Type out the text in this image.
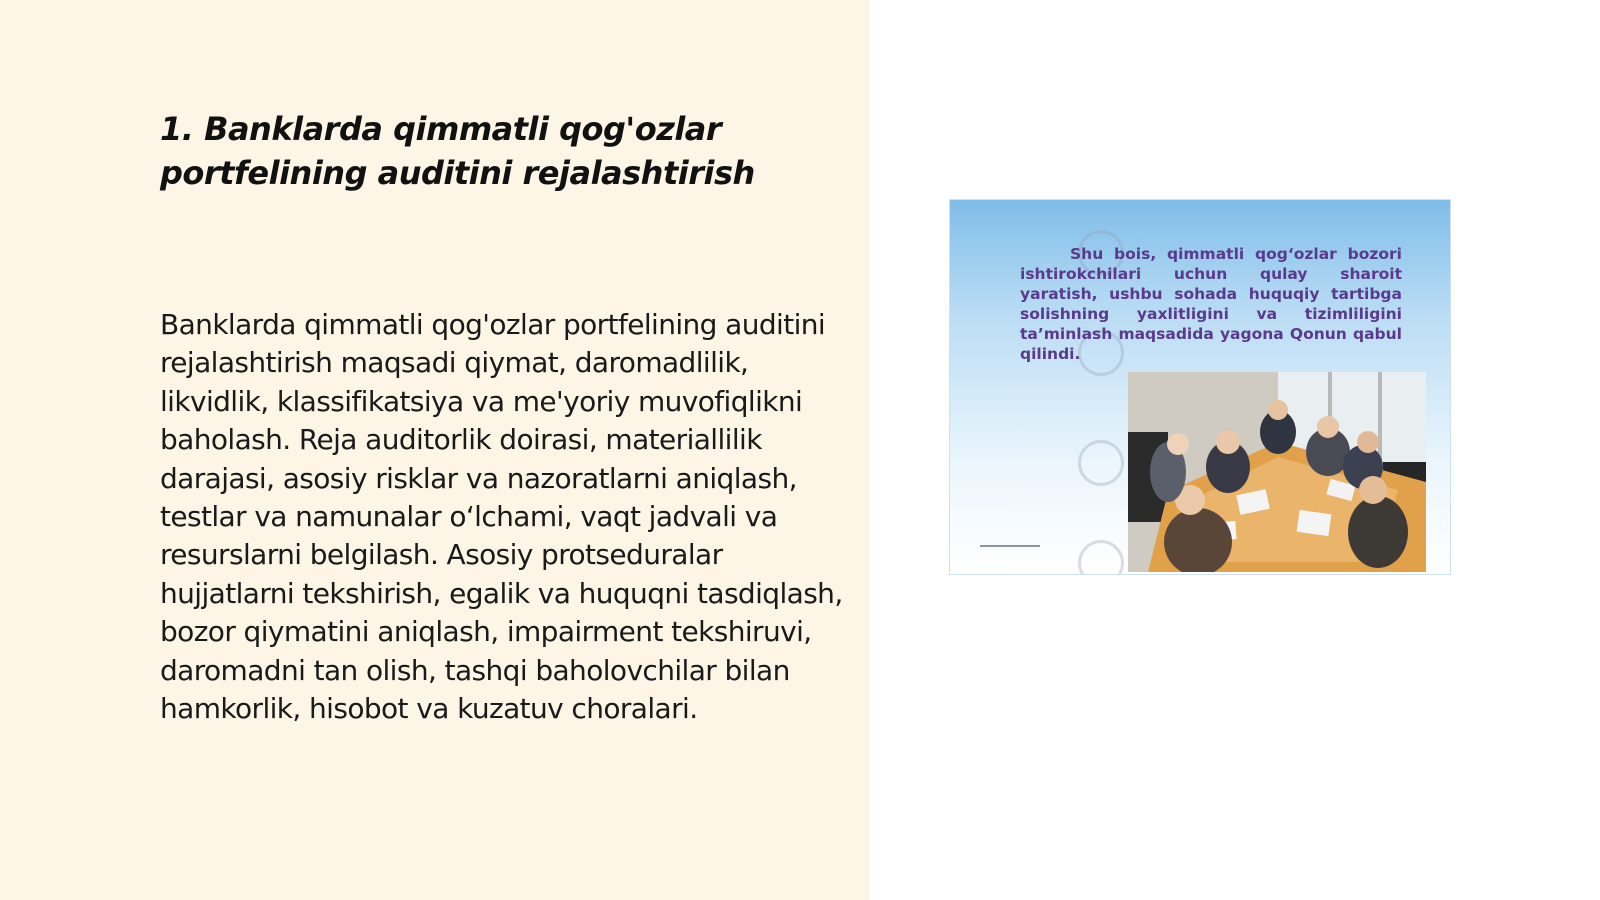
1. Banklarda qimmatli qog'ozlar portfelining auditini rejalashtirish

Banklarda qimmatli qog'ozlar portfelining auditini rejalashtirish maqsadi qiymat, daromadlilik, likvidlik, klassifikatsiya va me'yoriy muvofiqlikni baholash. Reja auditorlik doirasi, materiallilik darajasi, asosiy risklar va nazoratlarni aniqlash, testlar va namunalar o‘lchami, vaqt jadvali va resurslarni belgilash. Asosiy protseduralar hujjatlarni tekshirish, egalik va huquqni tasdiqlash, bozor qiymatini aniqlash, impairment tekshiruvi, daromadni tan olish, tashqi baholovchilar bilan hamkorlik, hisobot va kuzatuv choralari.

Shu bois, qimmatli qog‘ozlar bozori ishtirokchilari uchun qulay sharoit yaratish, ushbu sohada huquqiy tartibga solishning yaxlitligini va tizimliligini ta’minlash maqsadida yagona Qonun qabul qilindi.
